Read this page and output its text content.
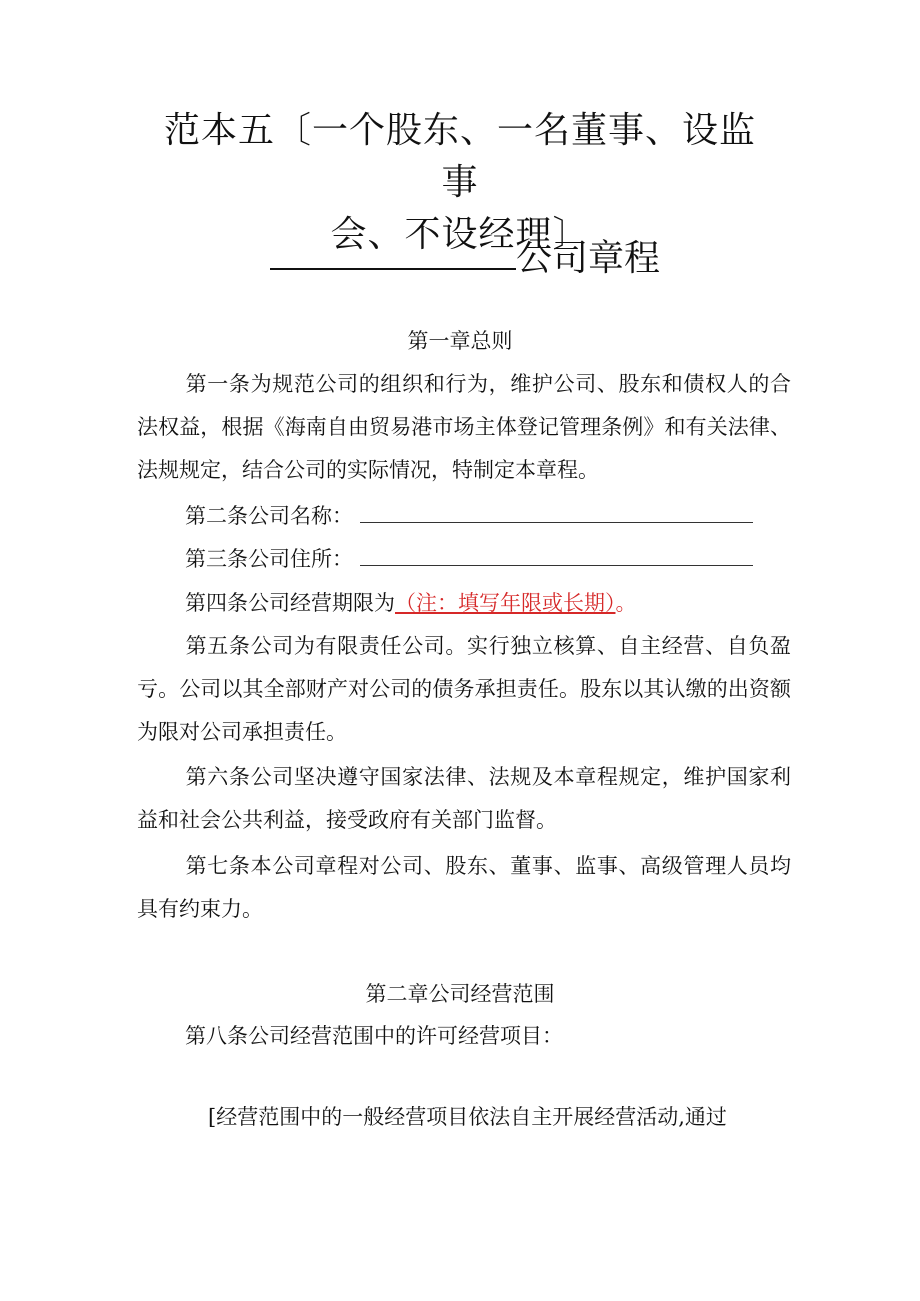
范本五〔一个股东、一名董事、设监事
会、不设经理〕
公司章程
第一章总则
第一条为规范公司的组织和行为，维护公司、股东和债权人的合法权益，根据《海南自由贸易港市场主体登记管理条例》和有关法律、法规规定，结合公司的实际情况，特制定本章程。
第二条公司名称：
第三条公司住所：
第四条公司经营期限为（注：填写年限或长期）。
第五条公司为有限责任公司。实行独立核算、自主经营、自负盈亏。公司以其全部财产对公司的债务承担责任。股东以其认缴的出资额为限对公司承担责任。
第六条公司坚决遵守国家法律、法规及本章程规定，维护国家利益和社会公共利益，接受政府有关部门监督。
第七条本公司章程对公司、股东、董事、监事、高级管理人员均具有约束力。
第二章公司经营范围
第八条公司经营范围中的许可经营项目：
[经营范围中的一般经营项目依法自主开展经营活动,通过
